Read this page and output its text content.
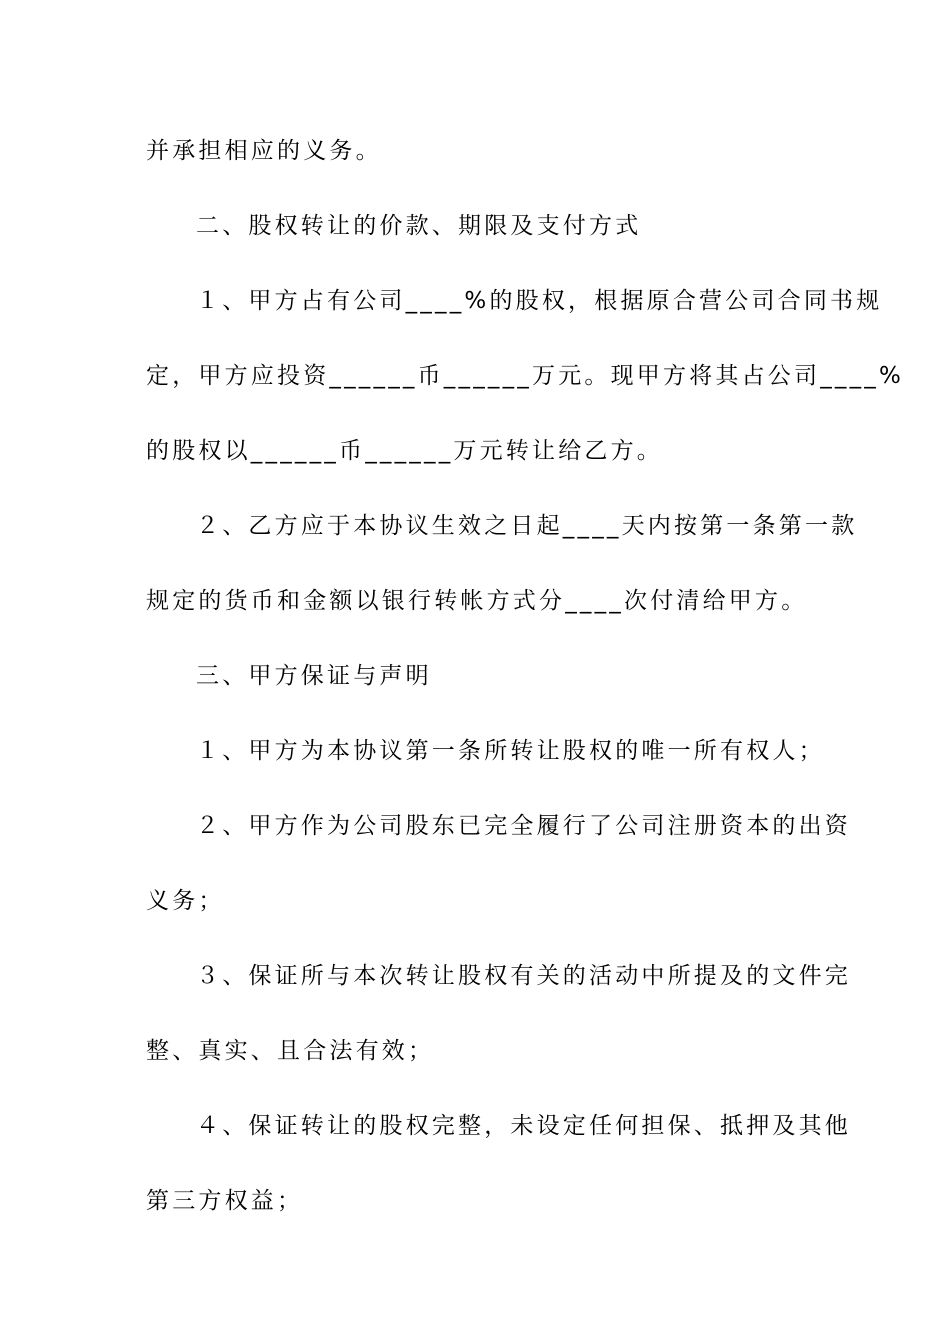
并承担相应的义务。
二、股权转让的价款、期限及支付方式
１、甲方占有公司____%的股权，根据原合营公司合同书规
定，甲方应投资______币______万元。现甲方将其占公司____%
的股权以______币______万元转让给乙方。
２、乙方应于本协议生效之日起____天内按第一条第一款
规定的货币和金额以银行转帐方式分____次付清给甲方。
三、甲方保证与声明
１、甲方为本协议第一条所转让股权的唯一所有权人；
２、甲方作为公司股东已完全履行了公司注册资本的出资
义务；
３、保证所与本次转让股权有关的活动中所提及的文件完
整、真实、且合法有效；
４、保证转让的股权完整，未设定任何担保、抵押及其他
第三方权益；
